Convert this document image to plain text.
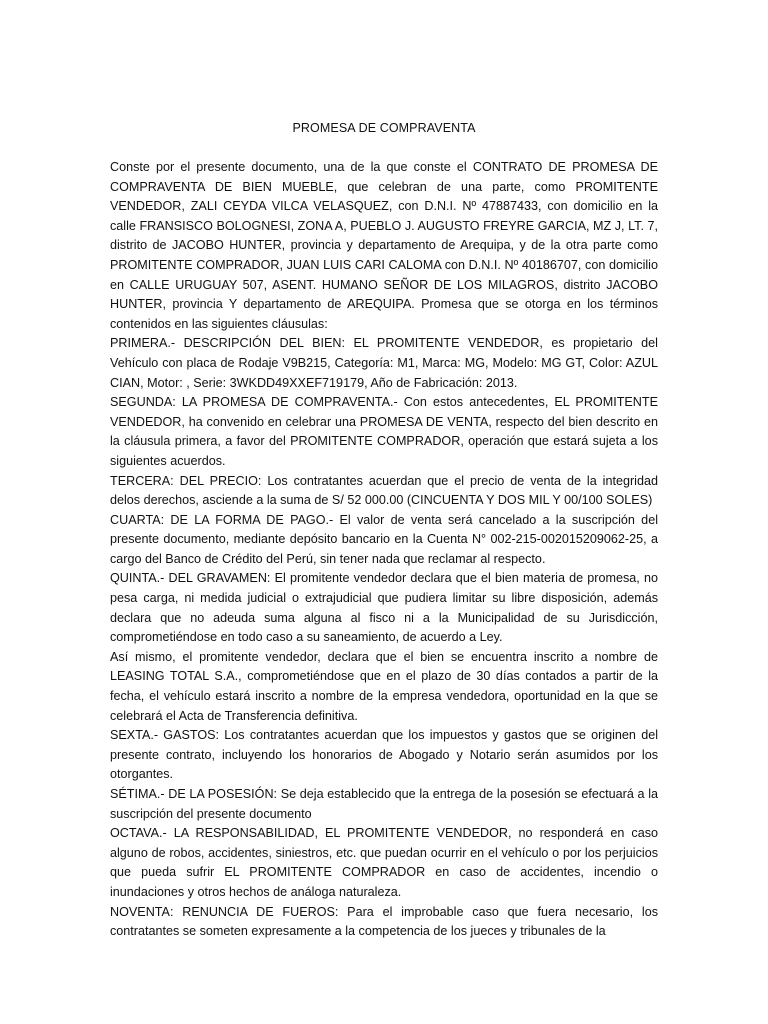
PROMESA DE COMPRAVENTA

Conste por el presente documento, una de la que conste el CONTRATO DE PROMESA DE COMPRAVENTA DE BIEN MUEBLE, que celebran de una parte, como PROMITENTE VENDEDOR, ZALI CEYDA VILCA VELASQUEZ, con D.N.I. Nº 47887433, con domicilio en la calle FRANSISCO BOLOGNESI, ZONA A, PUEBLO J. AUGUSTO FREYRE GARCIA, MZ J, LT. 7, distrito de JACOBO HUNTER, provincia y departamento de Arequipa, y de la otra parte como PROMITENTE COMPRADOR, JUAN LUIS CARI CALOMA con D.N.I. Nº 40186707, con domicilio en CALLE URUGUAY 507, ASENT. HUMANO SEÑOR DE LOS MILAGROS, distrito JACOBO HUNTER, provincia Y departamento de AREQUIPA. Promesa que se otorga en los términos contenidos en las siguientes cláusulas:

PRIMERA.- DESCRIPCIÓN DEL BIEN: EL PROMITENTE VENDEDOR, es propietario del Vehículo con placa de Rodaje V9B215, Categoría: M1, Marca: MG, Modelo: MG GT, Color: AZUL CIAN, Motor: , Serie: 3WKDD49XXEF719179, Año de Fabricación: 2013.

SEGUNDA: LA PROMESA DE COMPRAVENTA.- Con estos antecedentes, EL PROMITENTE VENDEDOR, ha convenido en celebrar una PROMESA DE VENTA, respecto del bien descrito en la cláusula primera, a favor del PROMITENTE COMPRADOR, operación que estará sujeta a los siguientes acuerdos.

TERCERA: DEL PRECIO: Los contratantes acuerdan que el precio de venta de la integridad delos derechos, asciende a la suma de S/ 52 000.00 (CINCUENTA Y DOS MIL Y 00/100 SOLES)

CUARTA: DE LA FORMA DE PAGO.- El valor de venta será cancelado a la suscripción del presente documento, mediante depósito bancario en la Cuenta N° 002-215-002015209062-25, a cargo del Banco de Crédito del Perú, sin tener nada que reclamar al respecto.

QUINTA.- DEL GRAVAMEN: El promitente vendedor declara que el bien materia de promesa, no pesa carga, ni medida judicial o extrajudicial que pudiera limitar su libre disposición, además declara que no adeuda suma alguna al fisco ni a la Municipalidad de su Jurisdicción, comprometiéndose en todo caso a su saneamiento, de acuerdo a Ley.

Así mismo, el promitente vendedor, declara que el bien se encuentra inscrito a nombre de LEASING TOTAL S.A., comprometiéndose que en el plazo de 30 días contados a partir de la fecha, el vehículo estará inscrito a nombre de la empresa vendedora, oportunidad en la que se celebrará el Acta de Transferencia definitiva.

SEXTA.- GASTOS: Los contratantes acuerdan que los impuestos y gastos que se originen del presente contrato, incluyendo los honorarios de Abogado y Notario serán asumidos por los otorgantes.

SÉTIMA.- DE LA POSESIÓN: Se deja establecido que la entrega de la posesión se efectuará a la suscripción del presente documento

OCTAVA.- LA RESPONSABILIDAD, EL PROMITENTE VENDEDOR, no responderá en caso alguno de robos, accidentes, siniestros, etc. que puedan ocurrir en el vehículo o por los perjuicios que pueda sufrir EL PROMITENTE COMPRADOR en caso de accidentes, incendio o inundaciones y otros hechos de análoga naturaleza.

NOVENTA: RENUNCIA DE FUEROS: Para el improbable caso que fuera necesario, los contratantes se someten expresamente a la competencia de los jueces y tribunales de la
